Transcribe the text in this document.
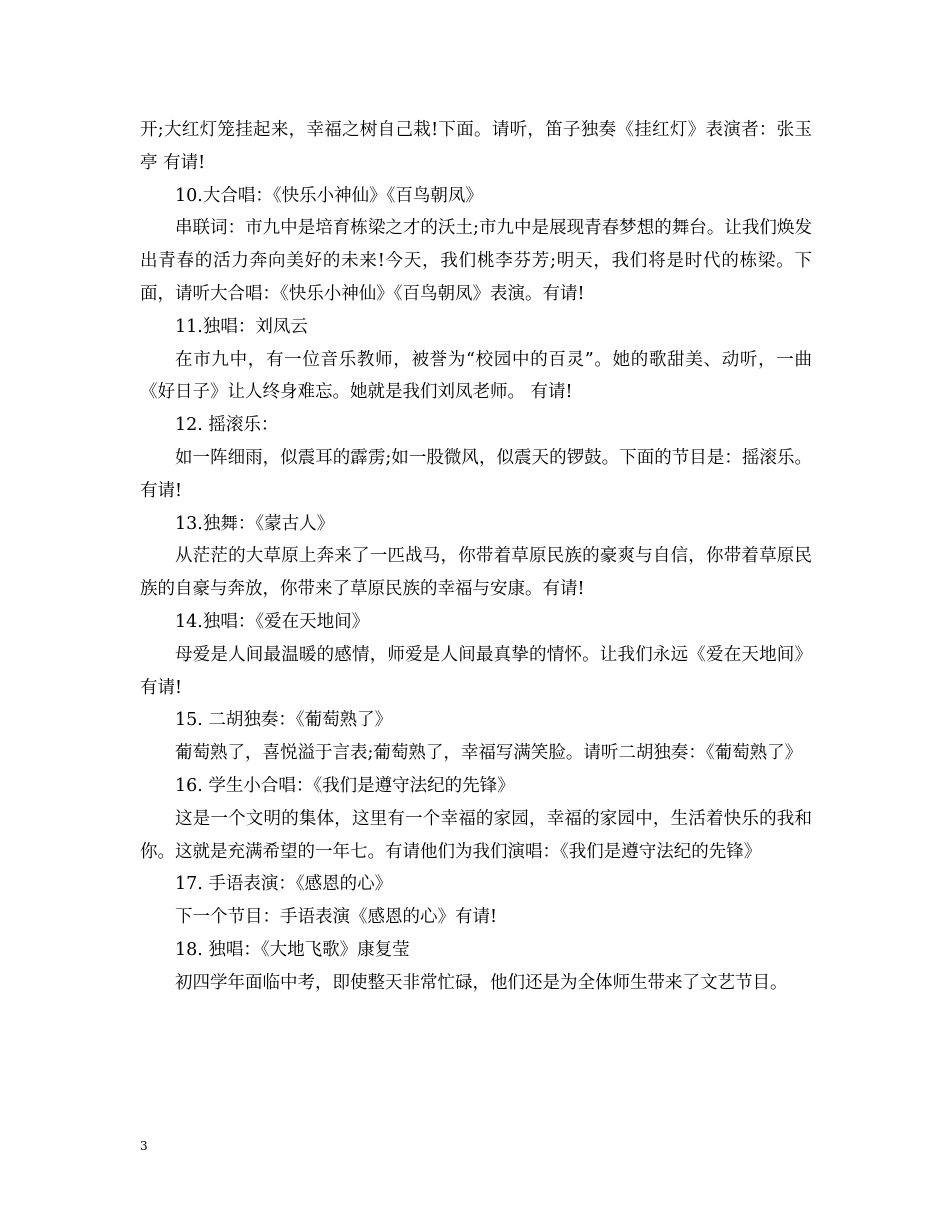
开;大红灯笼挂起来，幸福之树自己栽!下面。请听，笛子独奏《挂红灯》表演者：张玉亭 有请!

10.大合唱：《快乐小神仙》《百鸟朝凤》

串联词：市九中是培育栋梁之才的沃土;市九中是展现青春梦想的舞台。让我们焕发出青春的活力奔向美好的未来!今天，我们桃李芬芳;明天，我们将是时代的栋梁。下面，请听大合唱：《快乐小神仙》《百鸟朝凤》表演。有请!

11.独唱：刘凤云

在市九中，有一位音乐教师，被誉为“校园中的百灵”。她的歌甜美、动听，一曲《好日子》让人终身难忘。她就是我们刘凤老师。 有请!

12. 摇滚乐：

如一阵细雨，似震耳的霹雳;如一股微风，似震天的锣鼓。下面的节目是：摇滚乐。有请!

13.独舞：《蒙古人》

从茫茫的大草原上奔来了一匹战马，你带着草原民族的豪爽与自信，你带着草原民族的自豪与奔放，你带来了草原民族的幸福与安康。有请!

14.独唱：《爱在天地间》

母爱是人间最温暖的感情，师爱是人间最真挚的情怀。让我们永远《爱在天地间》有请!

15. 二胡独奏：《葡萄熟了》

葡萄熟了，喜悦溢于言表;葡萄熟了，幸福写满笑脸。请听二胡独奏：《葡萄熟了》

16. 学生小合唱：《我们是遵守法纪的先锋》

这是一个文明的集体，这里有一个幸福的家园，幸福的家园中，生活着快乐的我和你。这就是充满希望的一年七。有请他们为我们演唱：《我们是遵守法纪的先锋》

17. 手语表演：《感恩的心》

下一个节目：手语表演《感恩的心》有请!

18. 独唱：《大地飞歌》康复莹

初四学年面临中考，即使整天非常忙碌，他们还是为全体师生带来了文艺节目。

3
